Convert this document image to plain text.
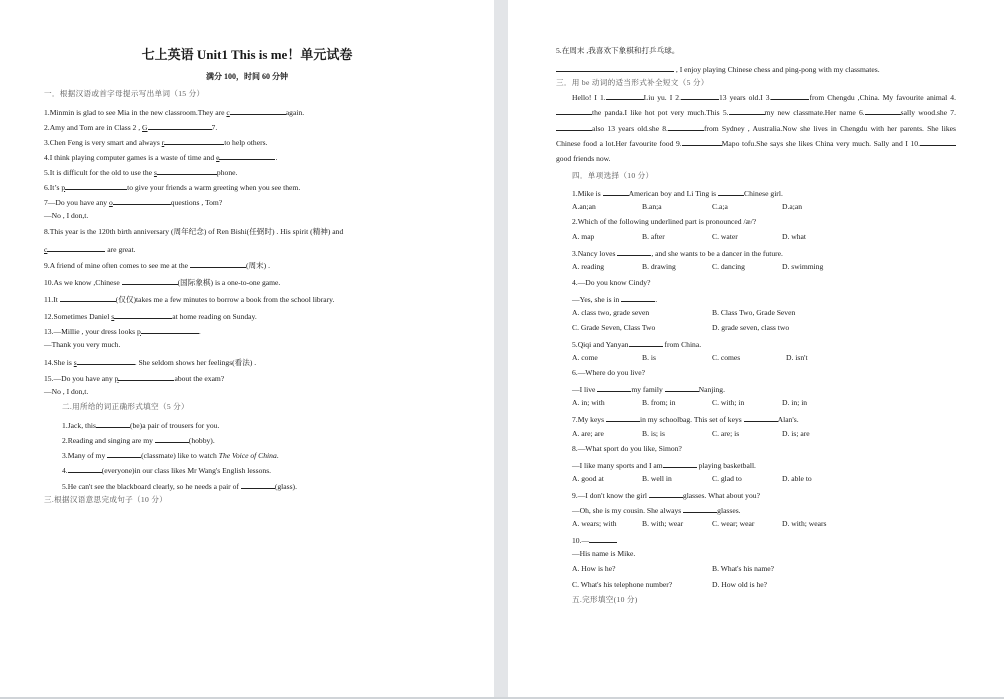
七上英语 Unit1 This is me！单元试卷
满分 100，时间 60 分钟
一．根据汉语或首字母提示写出单词（15 分）
1.Minmin is glad to see Mia in the new classroom.They are c	again.
2.Amy and Tom are in Class 2 , G	7.
3.Chen Feng is very smart and always r	to help others.
4.I think playing computer games is a waste of time and e	.
5.It is difficult for the old to use the s	phone.
6.It’s p	to give your friends a warm greeting when you see them.
7—Do you have any o	questions , Tom?
—No , I don,t.
8.This year is the 120th birth anniversary (周年纪念) of Ren Bishi(任弼时) . His spirit (精神) and
c	are great.
9.A friend of mine often comes to see me at the	(周末) .
10.As we know ,Chinese	(国际象棋) is a one-to-one game.
11.It	(仅仅)takes me a few minutes to borrow a book from the school library.
12.Sometimes Daniel s	at home reading on Sunday.
13.—Millie , your dress looks p	.
—Thank you very much.
14.She is s	. She seldom shows her feelings(看法) .
15.—Do you have any p	about the exam?
—No , I don,t.
二.用所给的词正确形式填空（5 分）
1.Jack, this	(be)a pair of trousers for you.
2.Reading and singing are my	(hobby).
3.Many of my	(classmate) like to watch The Voice of China.
4.	(everyone)in our class likes Mr Wang's English lessons.
5.He can't see the blackboard clearly, so he needs a pair of	(glass).
三.根据汉语意思完成句子（10 分）
5.在周末 ,我喜欢下象棋和打乒乓球。
, I enjoy playing Chinese chess and ping-pong with my classmates.
三．用 be 动词的适当形式补全短文（5 分）
Hello! I 1.	Liu yu. I 2.	13 years old.I 3.	from Chengdu ,China. My favourite animal 4.the panda.I like hot pot very much.This 5.	my new classmate.Her name 6.	sally wood.she 7.also 13 years old.she 8.	from Sydney , Australia.Now she lives in Chengdu with her parents. She likes Chinese food a lot.Her favourite food 9.	Mapo tofu.She says she likes China very much. Sally and I 10.good friends now.
四．单项选择（10 分）
1.Mike is	American boy and Li Ting is	Chinese girl.
A.an;an	B.an;a	C.a;a	D.a;an
2.Which of the following underlined part is pronounced /æ/?
A. map	B. after	C. water	D. what
3.Nancy loves	, and she wants to be a dancer in the future.
A. reading	B. drawing	C. dancing	D. swimming
4.—Do you know Cindy?
—Yes, she is in	.
A. class two, grade seven	B. Class Two, Grade Seven
C. Grade Seven, Class Two	D. grade seven, class two
5.Qiqi and Yanyan	from China.
A. come	B. is	C. comes	D. isn't
6.—Where do you live?
—I live	my family	Nanjing.
A. in; with	B. from; in	C. with; in	D. in; in
7.My keys	in my schoolbag. This set of keys	Alan's.
A. are; are	B. is; is	C. are; is	D. is; are
8.—What sport do you like, Simon?
—I like many sports and I am	playing basketball.
A. good at	B. well in	C. glad to	D. able to
9.—I don't know the girl	glasses. What about you?
—Oh, she is my cousin. She always	glasses.
A. wears; with	B. with; wear	C. wear; wear	D. with; wears
10.—
—His name is Mike.
A. How is he?	B. What's his name?
C. What's his telephone number?	D. How old is he?
五.完形填空(10 分)
